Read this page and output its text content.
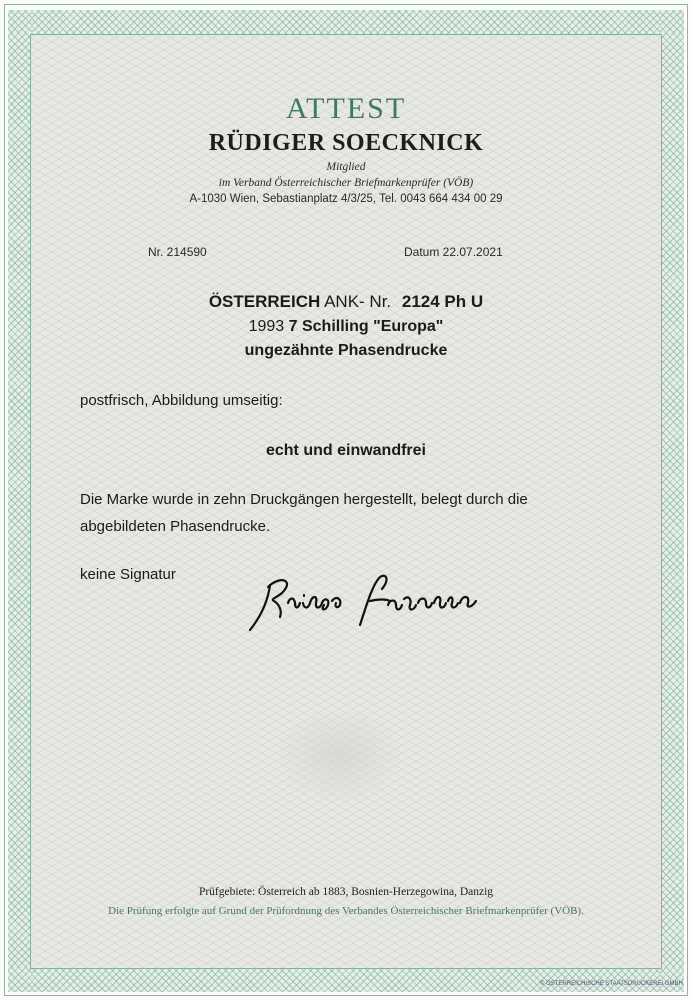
ATTEST
RÜDIGER SOECKNICK
Mitglied
im Verband Österreichischer Briefmarkenprüfer (VÖB)
A-1030 Wien, Sebastianplatz 4/3/25, Tel. 0043 664 434 00 29
Nr. 214590	Datum 22.07.2021
ÖSTERREICH ANK- Nr. 2124 Ph U
1993 7 Schilling "Europa"
ungezähnte Phasendrucke
postfrisch, Abbildung umseitig:
echt und einwandfrei
Die Marke wurde in zehn Druckgängen hergestellt, belegt durch die
abgebildeten Phasendrucke.
keine Signatur
Prüfgebiete: Österreich ab 1883, Bosnien-Herzegowina, Danzig
Die Prüfung erfolgte auf Grund der Prüfordnung des Verbandes Österreichischer Briefmarkenprüfer (VÖB).
© ÖSTERREICHISCHE STAATSDRUCKEREI GMBH
